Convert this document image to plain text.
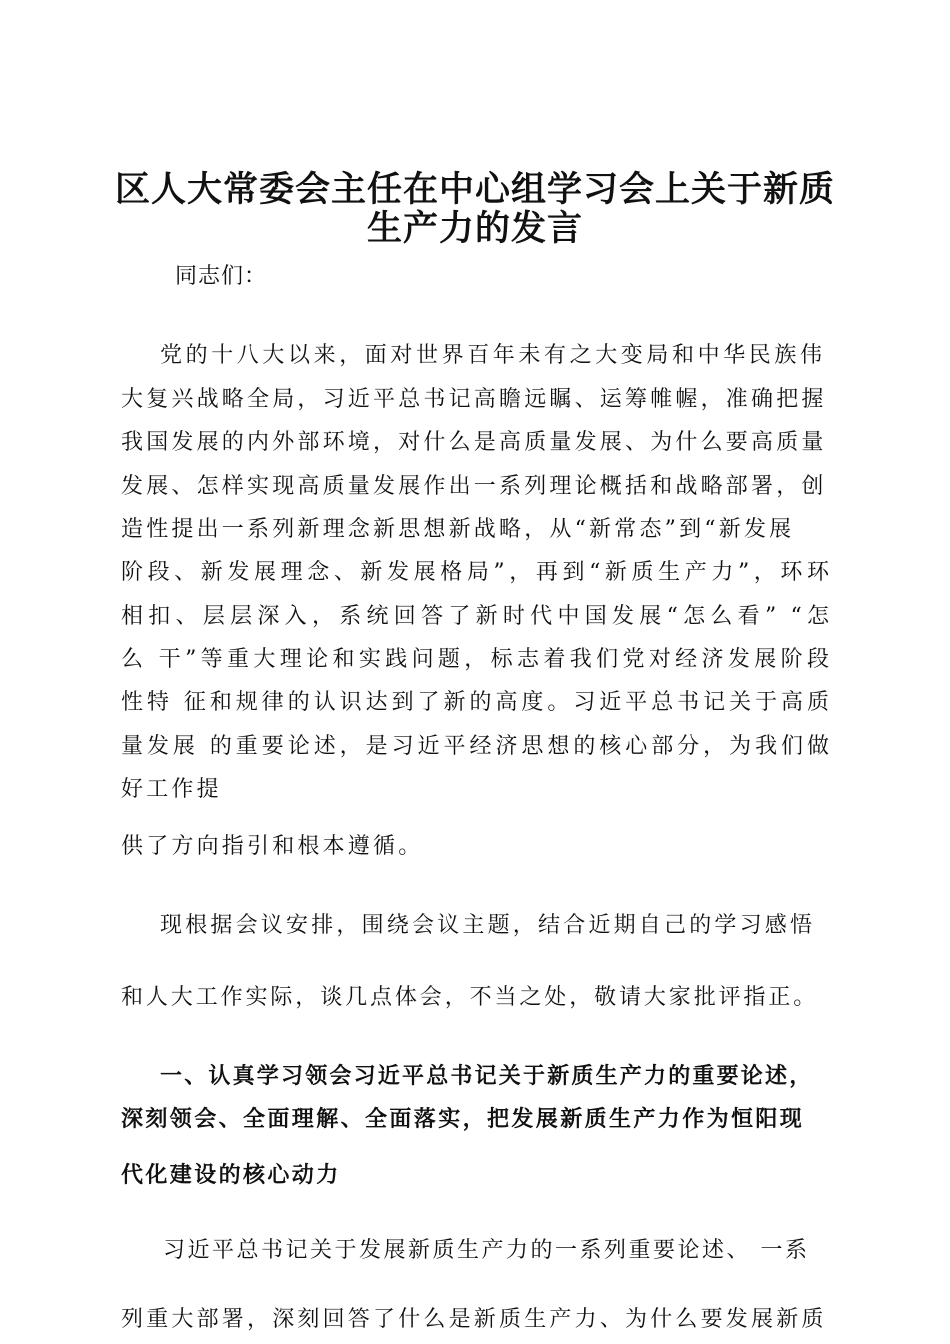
区人大常委会主任在中心组学习会上关于新质
生产力的发言

同志们：

党的十八大以来，面对世界百年未有之大变局和中华民族伟

大复兴战略全局，习近平总书记高瞻远瞩、运筹帷幄，准确把握

我国发展的内外部环境，对什么是高质量发展、为什么要高质量

发展、怎样实现高质量发展作出一系列理论概括和战略部署，创

造性提出一系列新理念新思想新战略，从“新常态”到“新发展

阶段、新发展理念、新发展格局”，再到“新质生产力”，环环

相扣、层层深入，系统回答了新时代中国发展“怎么看” “怎

么 干”等重大理论和实践问题，标志着我们党对经济发展阶段

性特 征和规律的认识达到了新的高度。习近平总书记关于高质

量发展 的重要论述，是习近平经济思想的核心部分，为我们做

好工作提

供了方向指引和根本遵循。

现根据会议安排，围绕会议主题，结合近期自己的学习感悟

和人大工作实际，谈几点体会，不当之处，敬请大家批评指正。

一、认真学习领会习近平总书记关于新质生产力的重要论述，

深刻领会、全面理解、全面落实，把发展新质生产力作为恒阳现

代化建设的核心动力

习近平总书记关于发展新质生产力的一系列重要论述、 一系

列重大部署，深刻回答了什么是新质生产力、为什么要发展新质
